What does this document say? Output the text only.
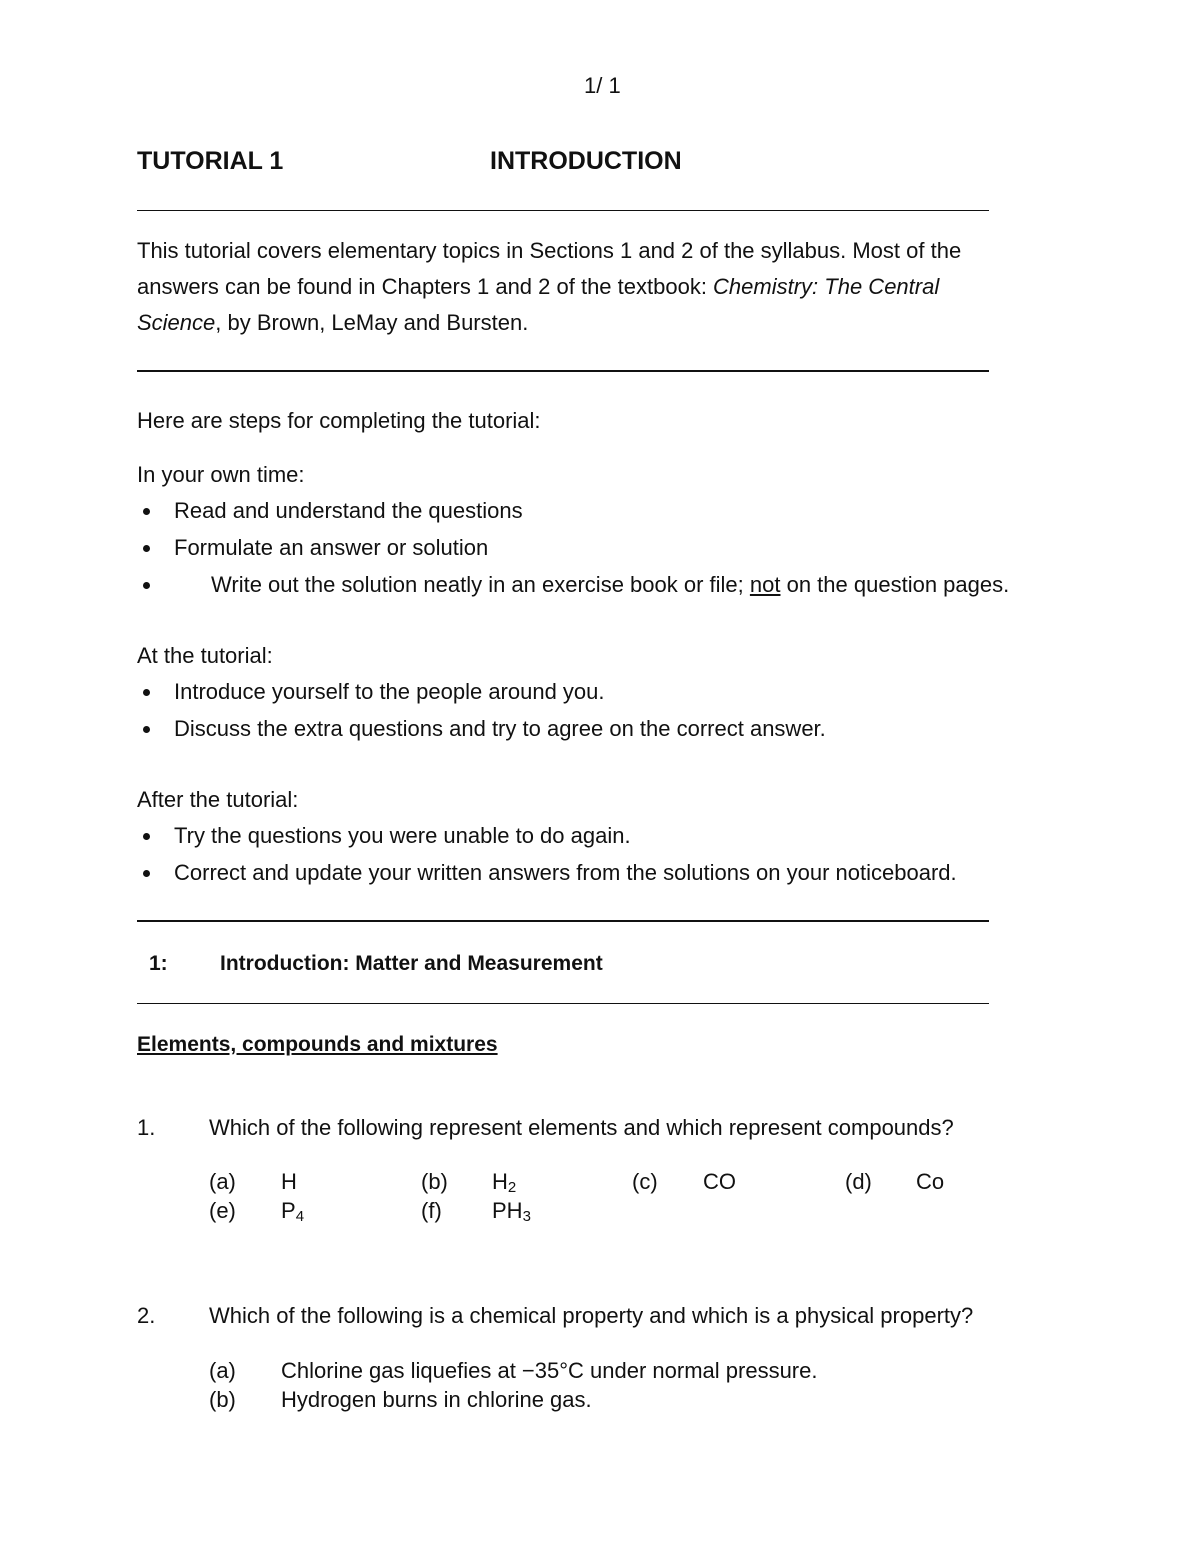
1/ 1
TUTORIAL 1	INTRODUCTION
This tutorial covers elementary topics in Sections 1 and 2 of the syllabus. Most of the
answers can be found in Chapters 1 and 2 of the textbook: Chemistry: The Central
Science, by Brown, LeMay and Bursten.
Here are steps for completing the tutorial:
In your own time:
Read and understand the questions
Formulate an answer or solution
Write out the solution neatly in an exercise book or file; not on the question pages.
At the tutorial:
Introduce yourself to the people around you.
Discuss the extra questions and try to agree on the correct answer.
After the tutorial:
Try the questions you were unable to do again.
Correct and update your written answers from the solutions on your noticeboard.
1: Introduction: Matter and Measurement
Elements, compounds and mixtures
1. Which of the following represent elements and which represent compounds?
(a) H	(b) $H_2$	(c) CO	(d) Co
(e) $P_4$	(f) $PH_3$
2. Which of the following is a chemical property and which is a physical property?
(a) Chlorine gas liquefies at −35°C under normal pressure.
(b) Hydrogen burns in chlorine gas.
